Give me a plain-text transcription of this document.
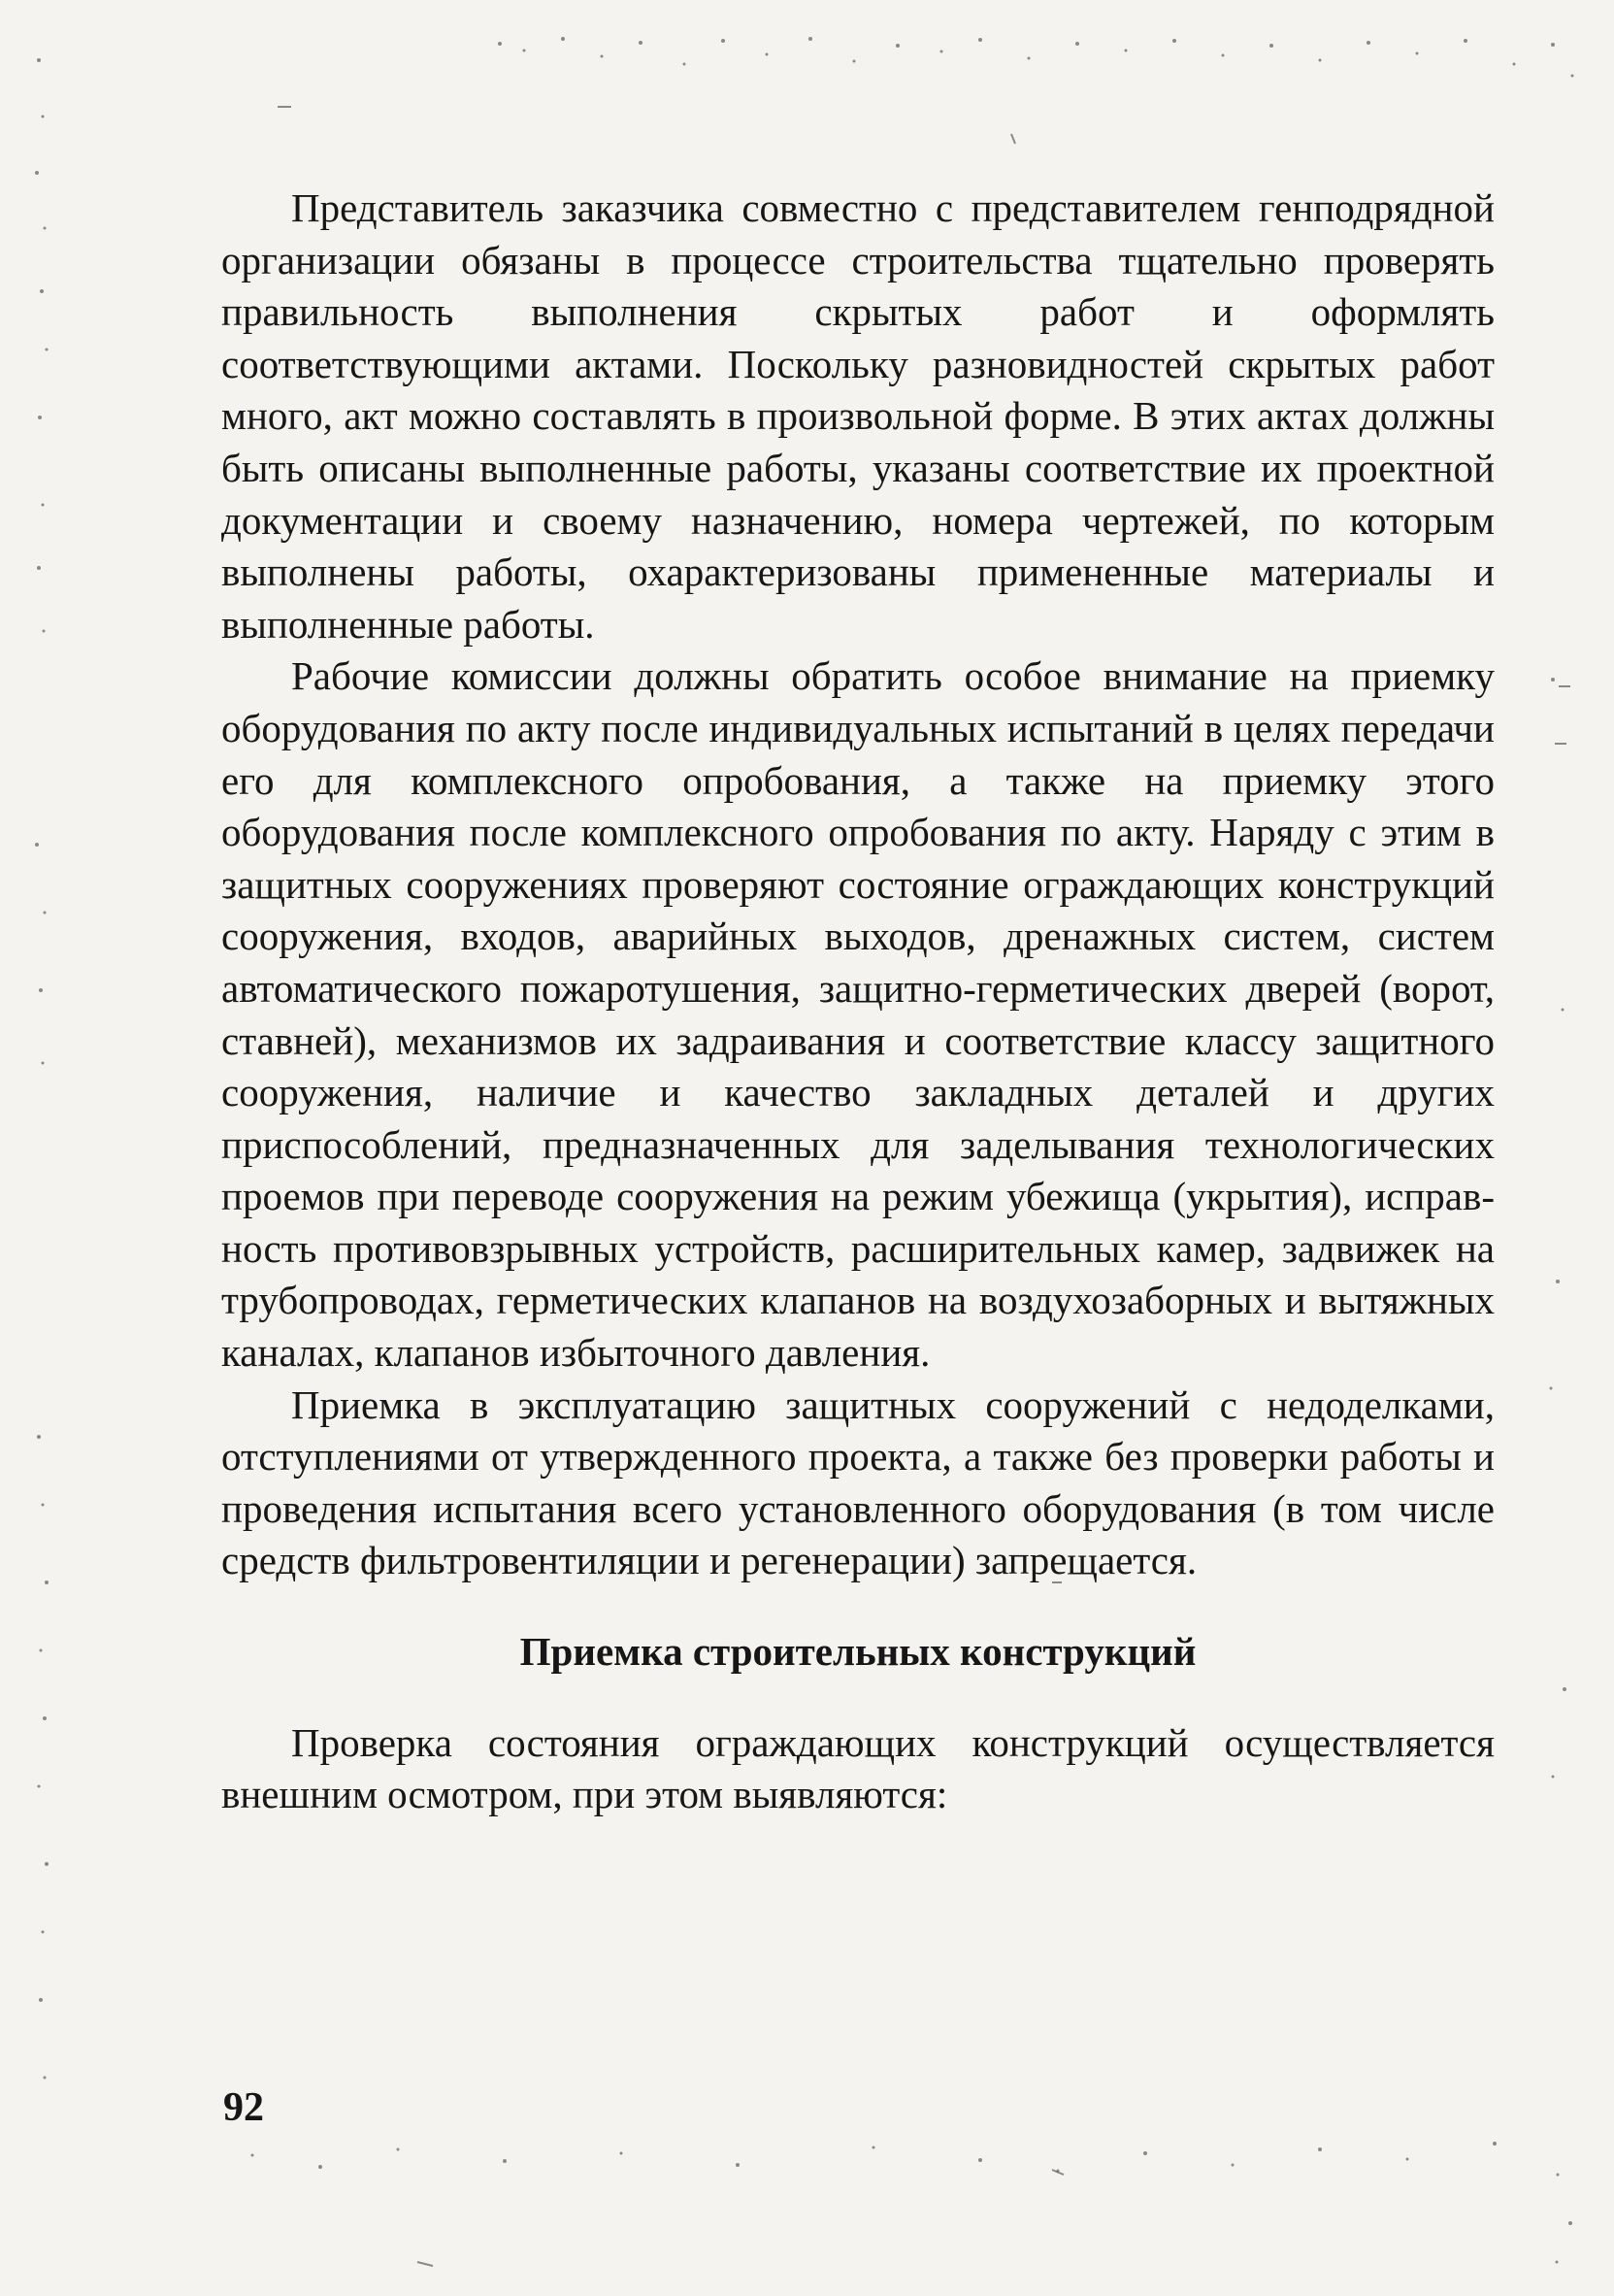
Представитель заказчика совместно с представителем генподрядной организации обязаны в процессе строительства тщательно проверять правильность выполнения скрытых работ и оформлять соответствующими актами. Поскольку разновидностей скрытых работ много, акт можно составлять в произвольной форме. В этих актах должны быть описаны выполненные работы, указаны соответствие их проектной документации и своему назначению, номера чертежей, по которым выполнены работы, охарактеризованы примененные материалы и выполненные работы.

Рабочие комиссии должны обратить особое внимание на приемку оборудования по акту после индивидуальных испытаний в целях передачи его для комплексного опробования, а также на приемку этого оборудования после комплексного опробования по акту. Наряду с этим в защитных сооружениях проверяют состояние ограждающих конструкций сооружения, входов, аварийных выходов, дренажных систем, систем автоматического пожаротушения, защитно-герметических дверей (ворот, ставней), механизмов их задраивания и соответствие классу защитного сооружения, наличие и качество закладных деталей и других приспособлений, предназначенных для заделывания технологических проемов при переводе сооружения на режим убежища (укрытия), исправность противовзрывных устройств, расширительных камер, задвижек на трубопроводах, герметических клапанов на воздухозаборных и вытяжных каналах, клапанов избыточного давления.

Приемка в эксплуатацию защитных сооружений с недоделками, отступлениями от утвержденного проекта, а также без проверки работы и проведения испытания всего установленного оборудования (в том числе средств фильтровентиляции и регенерации) запрещается.

Приемка строительных конструкций

Проверка состояния ограждающих конструкций осуществляется внешним осмотром, при этом выявляются:

92
